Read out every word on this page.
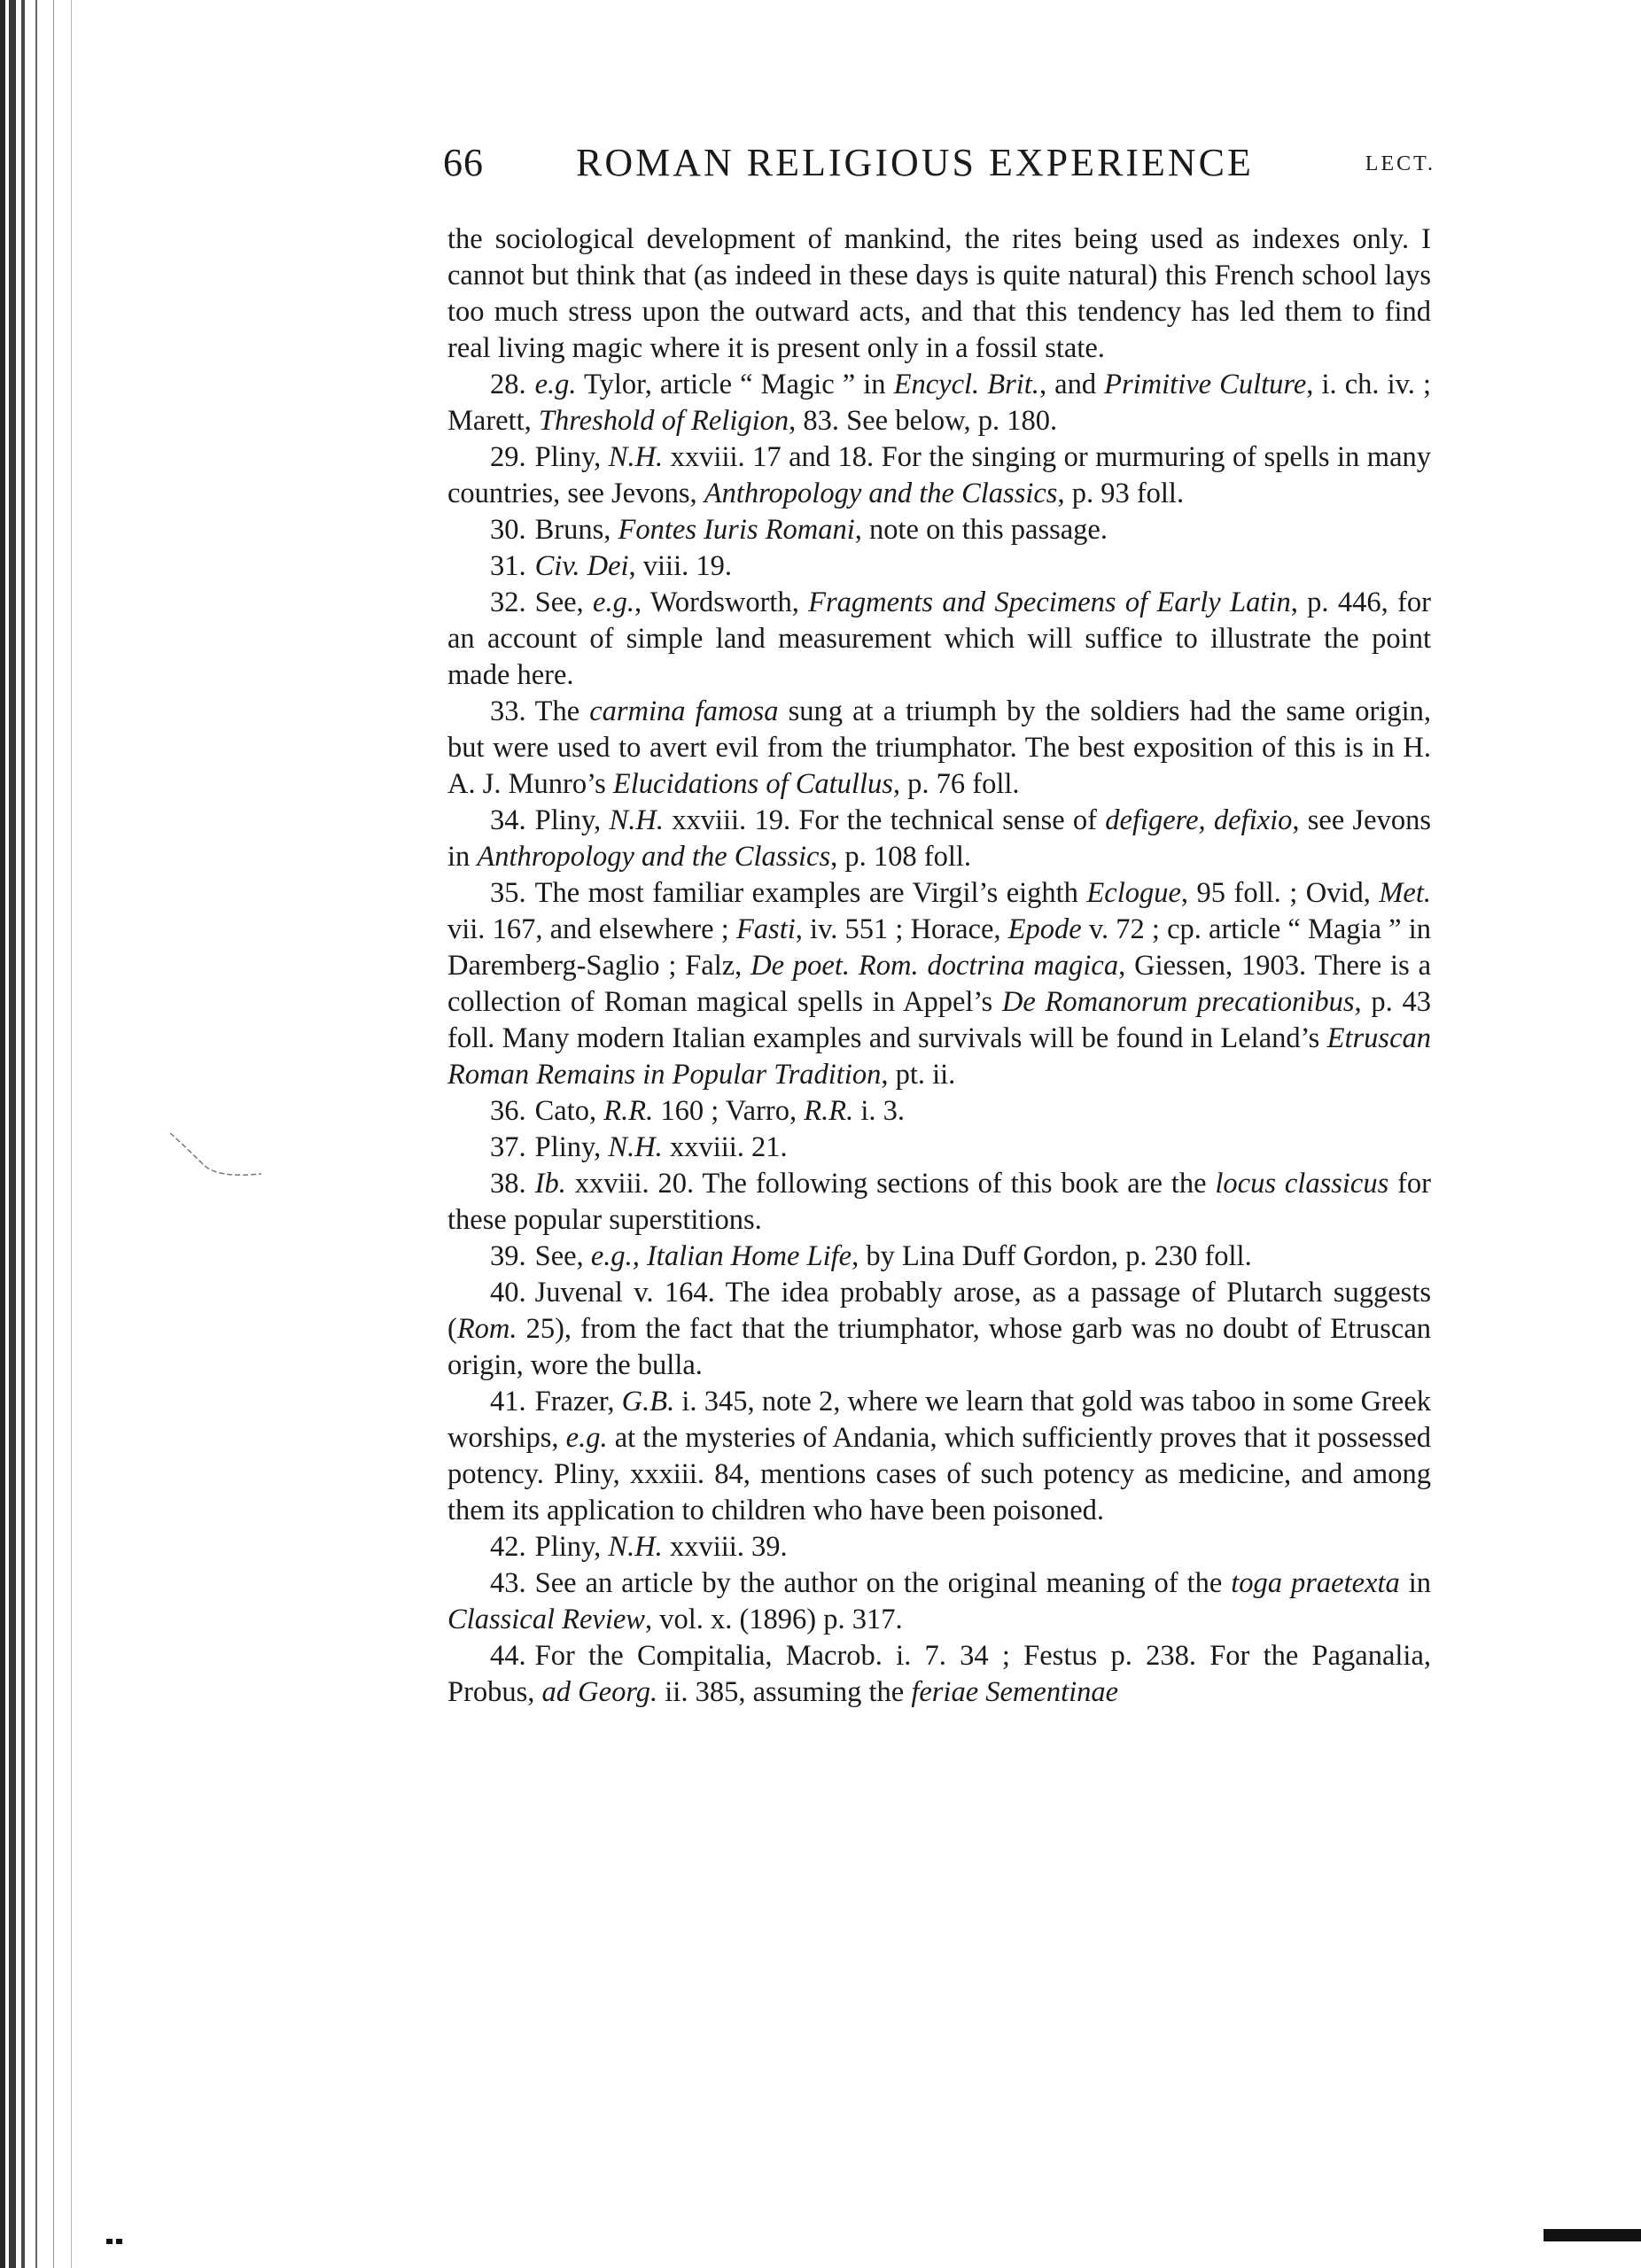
66 ROMAN RELIGIOUS EXPERIENCE	LECT.

the sociological development of mankind, the rites being used as indexes only. I cannot but think that (as indeed in these days is quite natural) this French school lays too much stress upon the outward acts, and that this tendency has led them to find real living magic where it is present only in a fossil state.

28. e.g. Tylor, article “ Magic ” in Encycl. Brit., and Primitive Culture, i. ch. iv. ; Marett, Threshold of Religion, 83. See below, p. 180.

29. Pliny, N.H. xxviii. 17 and 18. For the singing or murmuring of spells in many countries, see Jevons, Anthropology and the Classics, p. 93 foll.

30. Bruns, Fontes Iuris Romani, note on this passage.

31. Civ. Dei, viii. 19.

32. See, e.g., Wordsworth, Fragments and Specimens of Early Latin, p. 446, for an account of simple land measurement which will suffice to illustrate the point made here.

33. The carmina famosa sung at a triumph by the soldiers had the same origin, but were used to avert evil from the triumphator. The best exposition of this is in H. A. J. Munro’s Elucidations of Catullus, p. 76 foll.

34. Pliny, N.H. xxviii. 19. For the technical sense of defigere, defixio, see Jevons in Anthropology and the Classics, p. 108 foll.

35. The most familiar examples are Virgil’s eighth Eclogue, 95 foll. ; Ovid, Met. vii. 167, and elsewhere ; Fasti, iv. 551 ; Horace, Epode v. 72 ; cp. article “ Magia ” in Daremberg-Saglio ; Falz, De poet. Rom. doctrina magica, Giessen, 1903. There is a collection of Roman magical spells in Appel’s De Romanorum precationibus, p. 43 foll. Many modern Italian examples and survivals will be found in Leland’s Etruscan Roman Remains in Popular Tradition, pt. ii.

36. Cato, R.R. 160 ; Varro, R.R. i. 3.

37. Pliny, N.H. xxviii. 21.

38. Ib. xxviii. 20. The following sections of this book are the locus classicus for these popular superstitions.

39. See, e.g., Italian Home Life, by Lina Duff Gordon, p. 230 foll.

40. Juvenal v. 164. The idea probably arose, as a passage of Plutarch suggests (Rom. 25), from the fact that the triumphator, whose garb was no doubt of Etruscan origin, wore the bulla.

41. Frazer, G.B. i. 345, note 2, where we learn that gold was taboo in some Greek worships, e.g. at the mysteries of Andania, which sufficiently proves that it possessed potency. Pliny, xxxiii. 84, mentions cases of such potency as medicine, and among them its application to children who have been poisoned.

42. Pliny, N.H. xxviii. 39.

43. See an article by the author on the original meaning of the toga praetexta in Classical Review, vol. x. (1896) p. 317.

44. For the Compitalia, Macrob. i. 7. 34 ; Festus p. 238. For the Paganalia, Probus, ad Georg. ii. 385, assuming the feriae Sementinae
